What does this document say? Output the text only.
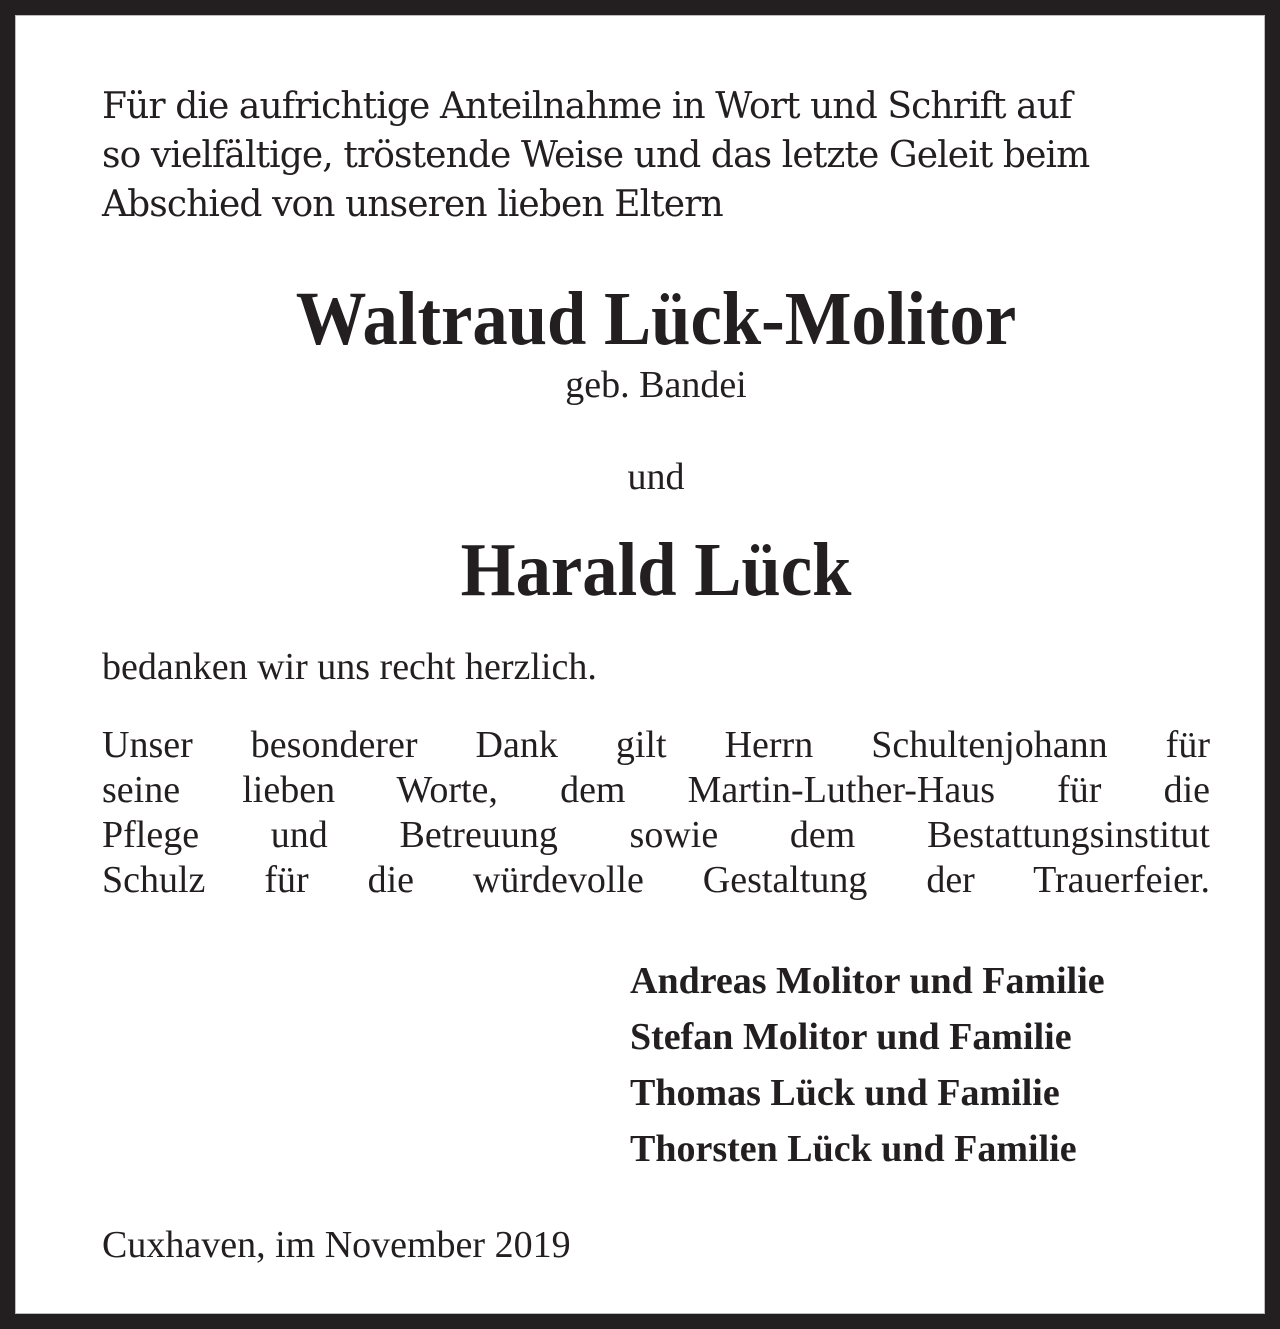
Für die aufrichtige Anteilnahme in Wort und Schrift auf
so vielfältige, tröstende Weise und das letzte Geleit beim
Abschied von unseren lieben Eltern
Waltraud Lück-Molitor
geb. Bandei
und
Harald Lück
bedanken wir uns recht herzlich.
Unser besonderer Dank gilt Herrn Schultenjohann für
seine lieben Worte, dem Martin-Luther-Haus für die
Pflege und Betreuung sowie dem Bestattungsinstitut
Schulz für die würdevolle Gestaltung der Trauerfeier.
Andreas Molitor und Familie
Stefan Molitor und Familie
Thomas Lück und Familie
Thorsten Lück und Familie
Cuxhaven, im November 2019
